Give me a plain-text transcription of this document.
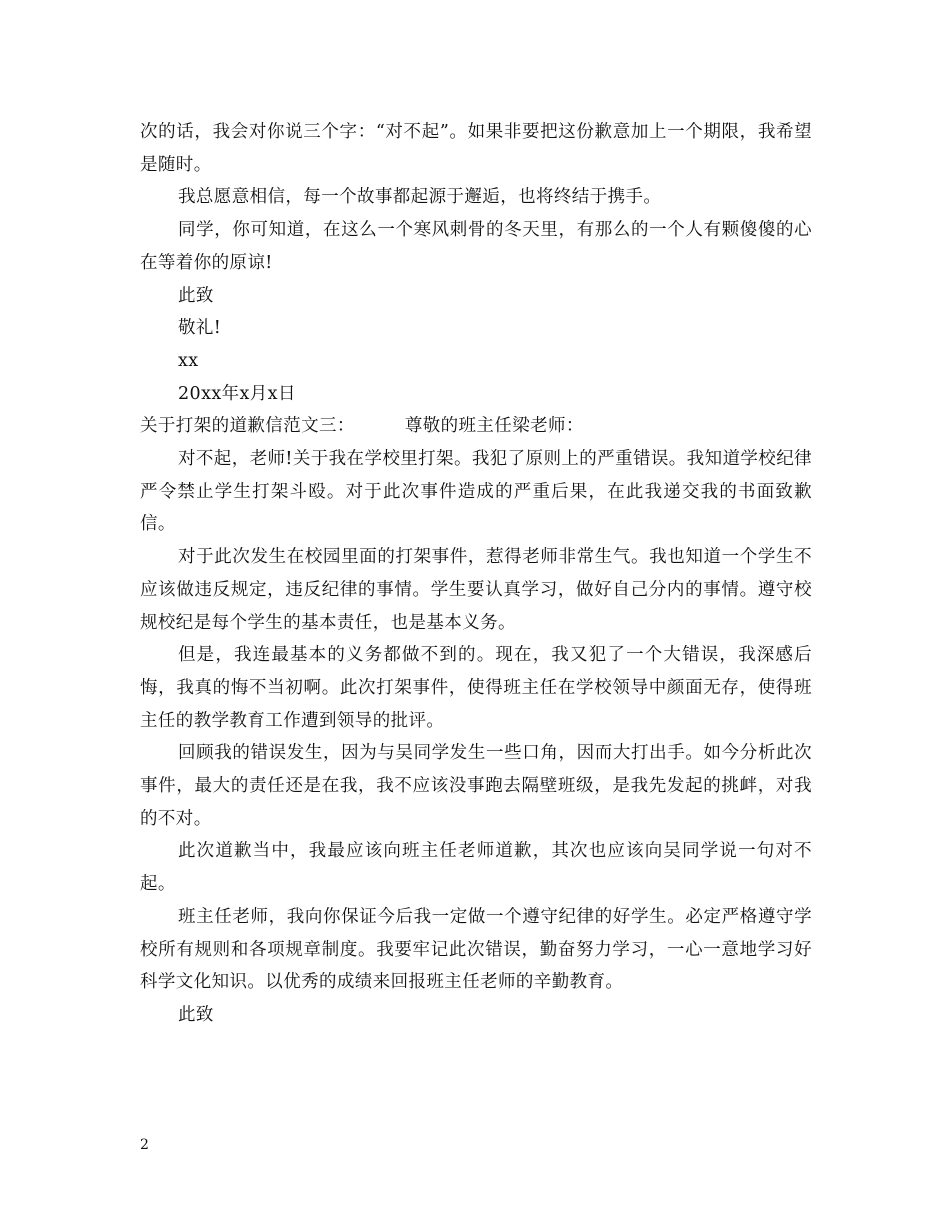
次的话，我会对你说三个字：“对不起”。如果非要把这份歉意加上一个期限，我希望是随时。

我总愿意相信，每一个故事都起源于邂逅，也将终结于携手。

同学，你可知道，在这么一个寒风刺骨的冬天里，有那么的一个人有颗傻傻的心在等着你的原谅!

此致

敬礼!

xx

20xx年x月x日

关于打架的道歉信范文三：	尊敬的班主任梁老师：

对不起，老师!关于我在学校里打架。我犯了原则上的严重错误。我知道学校纪律严令禁止学生打架斗殴。对于此次事件造成的严重后果，在此我递交我的书面致歉信。

对于此次发生在校园里面的打架事件，惹得老师非常生气。我也知道一个学生不应该做违反规定，违反纪律的事情。学生要认真学习，做好自己分内的事情。遵守校规校纪是每个学生的基本责任，也是基本义务。

但是，我连最基本的义务都做不到的。现在，我又犯了一个大错误，我深感后悔，我真的悔不当初啊。此次打架事件，使得班主任在学校领导中颜面无存，使得班主任的教学教育工作遭到领导的批评。

回顾我的错误发生，因为与吴同学发生一些口角，因而大打出手。如今分析此次事件，最大的责任还是在我，我不应该没事跑去隔壁班级，是我先发起的挑衅，对我的不对。

此次道歉当中，我最应该向班主任老师道歉，其次也应该向吴同学说一句对不起。

班主任老师，我向你保证今后我一定做一个遵守纪律的好学生。必定严格遵守学校所有规则和各项规章制度。我要牢记此次错误，勤奋努力学习，一心一意地学习好科学文化知识。以优秀的成绩来回报班主任老师的辛勤教育。

此致

2
